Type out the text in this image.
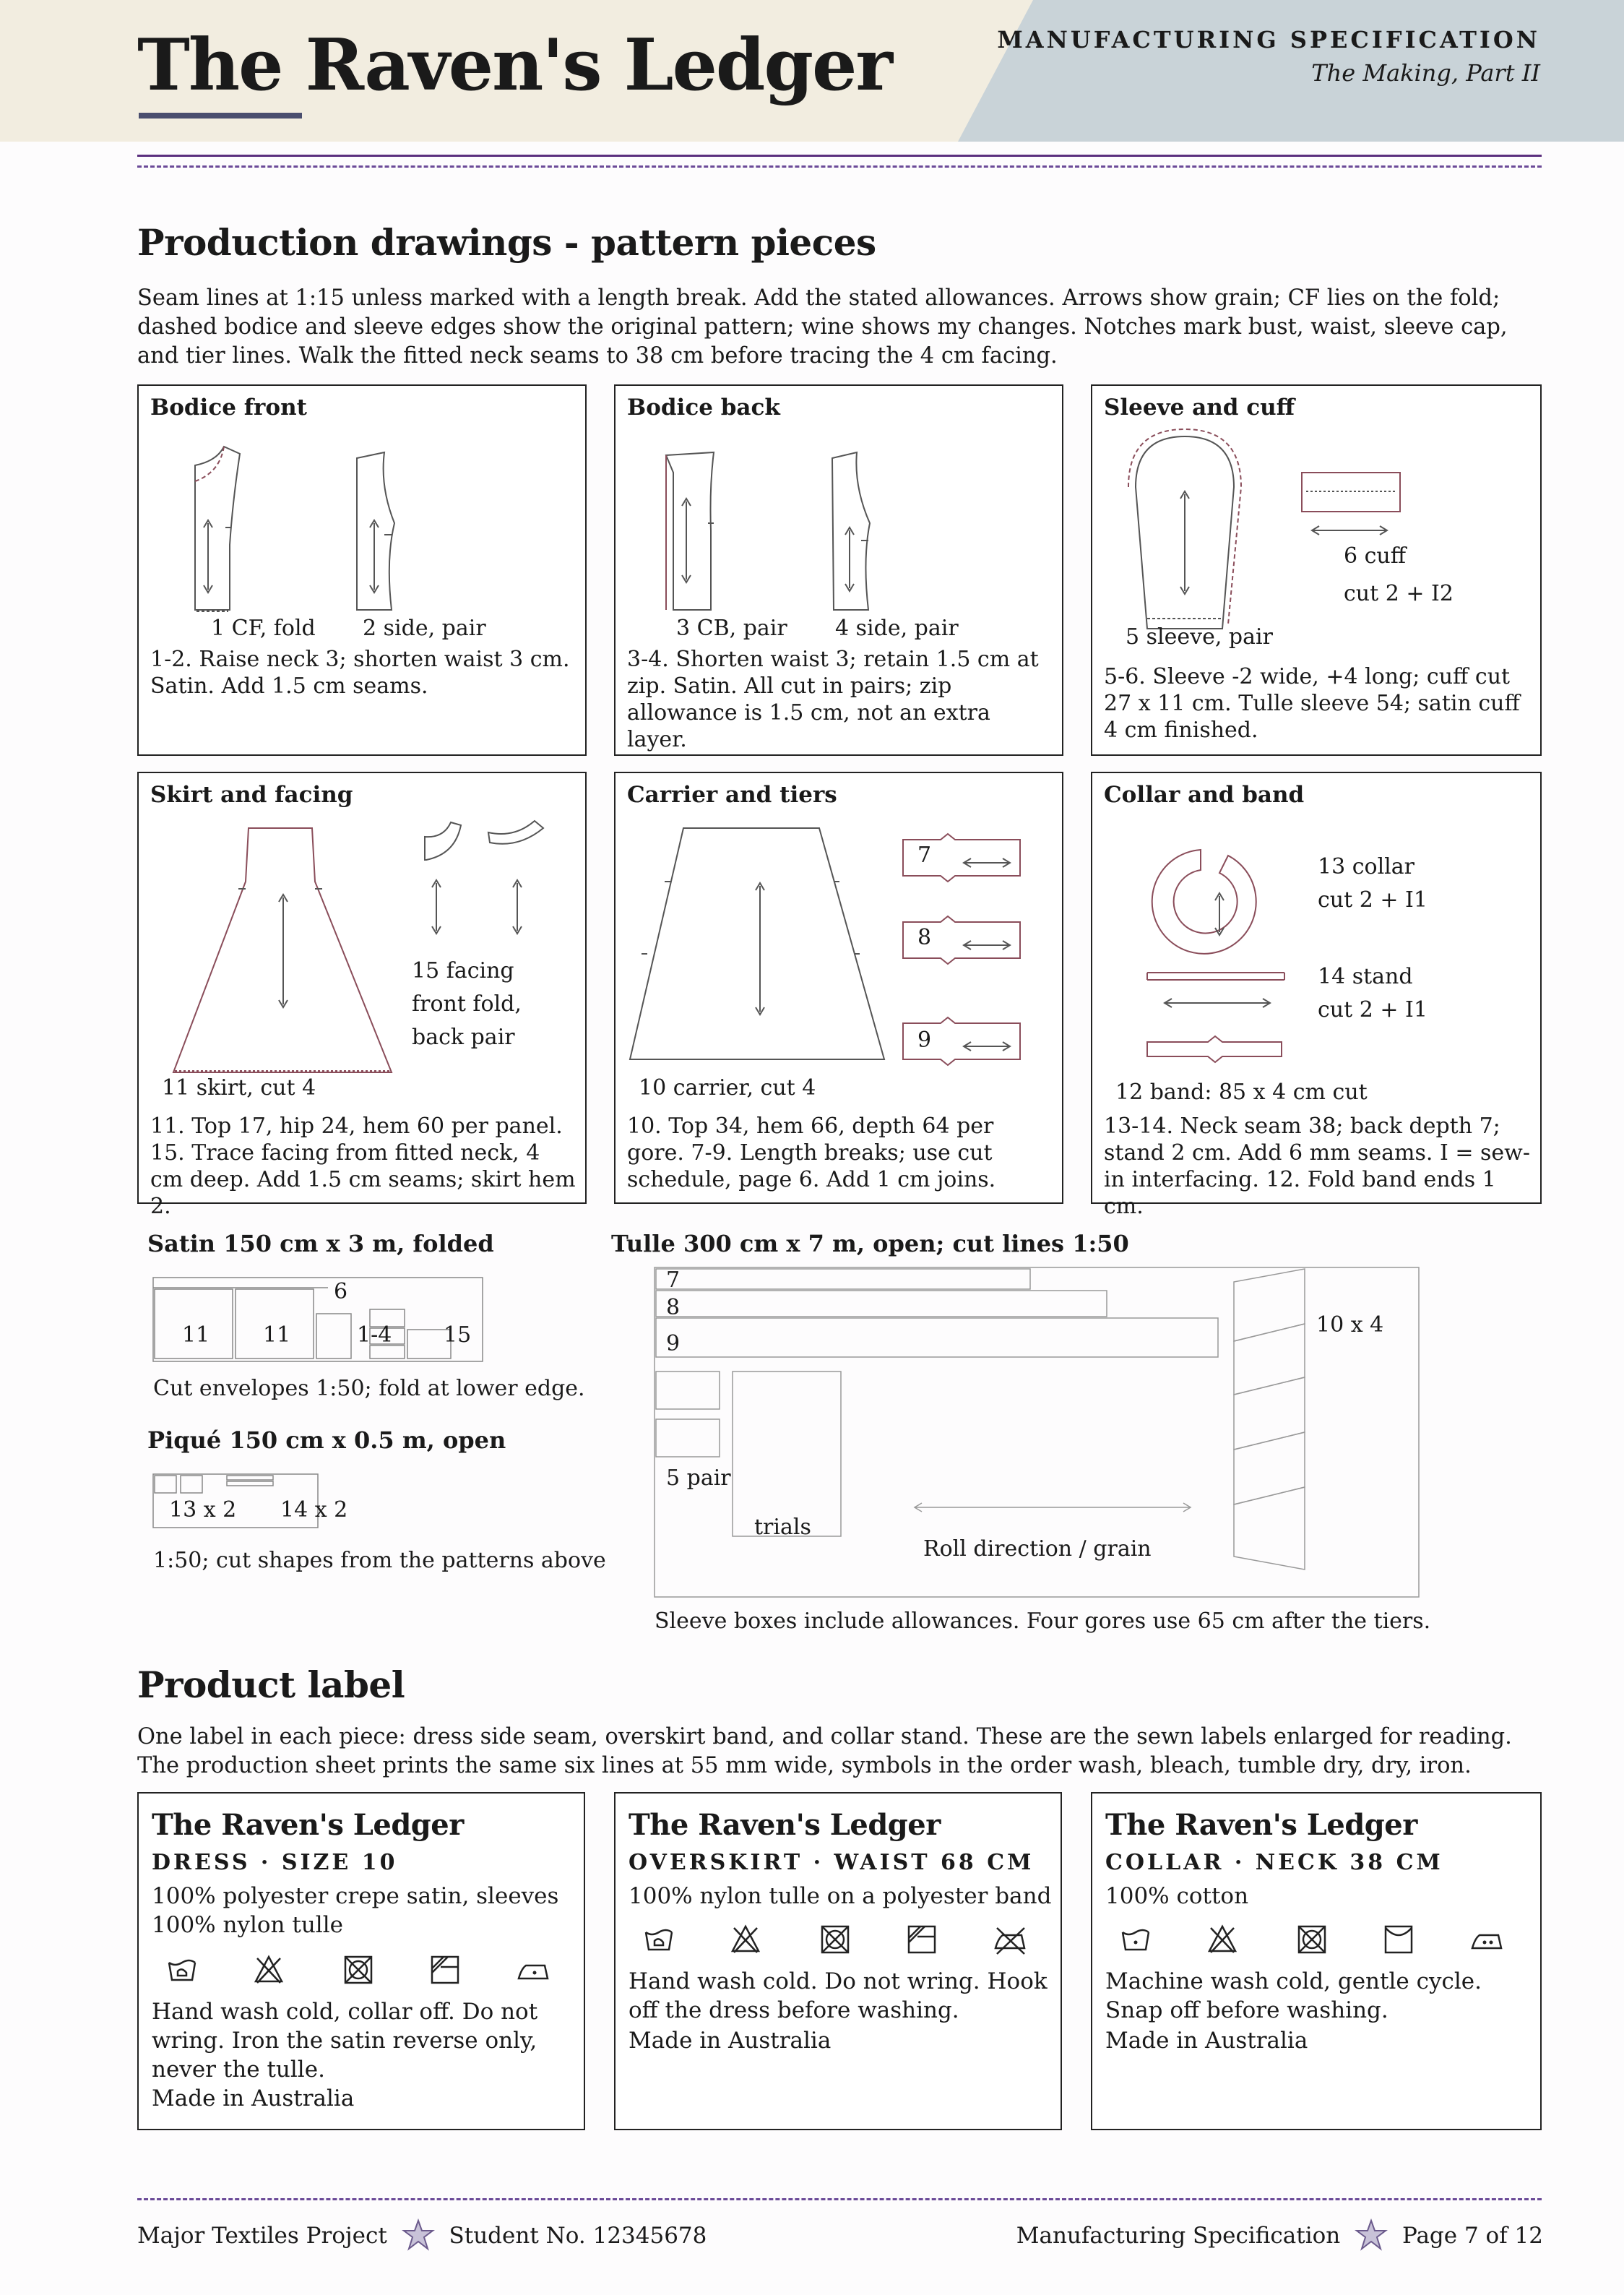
The Raven's Ledger	MANUFACTURING SPECIFICATION
The Making, Part II
Production drawings - pattern pieces
Seam lines at 1:15 unless marked with a length break. Add the stated allowances. Arrows show grain; CF lies on the fold; dashed bodice and sleeve edges show the original pattern; wine shows my changes. Notches mark bust, waist, sleeve cap, and tier lines. Walk the fitted neck seams to 38 cm before tracing the 4 cm facing.
Bodice front
1 CF, fold 2 side, pair
1-2. Raise neck 3; shorten waist 3 cm. Satin. Add 1.5 cm seams.
Bodice back
3 CB, pair 4 side, pair
3-4. Shorten waist 3; retain 1.5 cm at zip. Satin. All cut in pairs; zip allowance is 1.5 cm, not an extra layer.
Sleeve and cuff
6 cuff
cut 2 + I2
5 sleeve, pair
5-6. Sleeve -2 wide, +4 long; cuff cut 27 x 11 cm. Tulle sleeve 54; satin cuff 4 cm finished.
Skirt and facing
15 facing
front fold,
back pair
11 skirt, cut 4
11. Top 17, hip 24, hem 60 per panel. 15. Trace facing from fitted neck, 4 cm deep. Add 1.5 cm seams; skirt hem 2.
Carrier and tiers
7
8
9
10 carrier, cut 4
10. Top 34, hem 66, depth 64 per gore. 7-9. Length breaks; use cut schedule, page 6. Add 1 cm joins.
Collar and band
13 collar
cut 2 + I1
14 stand
cut 2 + I1
12 band: 85 x 4 cm cut
13-14. Neck seam 38; back depth 7; stand 2 cm. Add 6 mm seams. I = sew-in interfacing. 12. Fold band ends 1 cm.
Satin 150 cm x 3 m, folded
6
11 11	1-4 15
Cut envelopes 1:50; fold at lower edge.
Piqué 150 cm x 0.5 m, open
13 x 2 14 x 2
1:50; cut shapes from the patterns above
Tulle 300 cm x 7 m, open; cut lines 1:50
7
8
9
10 x 4
5 pair
trials
Roll direction / grain
Sleeve boxes include allowances. Four gores use 65 cm after the tiers.
Product label
One label in each piece: dress side seam, overskirt band, and collar stand. These are the sewn labels enlarged for reading. The production sheet prints the same six lines at 55 mm wide, symbols in the order wash, bleach, tumble dry, dry, iron.
The Raven's Ledger
DRESS · SIZE 10
100% polyester crepe satin, sleeves 100% nylon tulle
Hand wash cold, collar off. Do not wring. Iron the satin reverse only, never the tulle.
Made in Australia
The Raven's Ledger
OVERSKIRT · WAIST 68 CM
100% nylon tulle on a polyester band
Hand wash cold. Do not wring. Hook off the dress before washing.
Made in Australia
The Raven's Ledger
COLLAR · NECK 38 CM
100% cotton
Machine wash cold, gentle cycle. Snap off before washing.
Made in Australia
Major Textiles Project	Student No. 12345678	Manufacturing Specification	Page 7 of 12
